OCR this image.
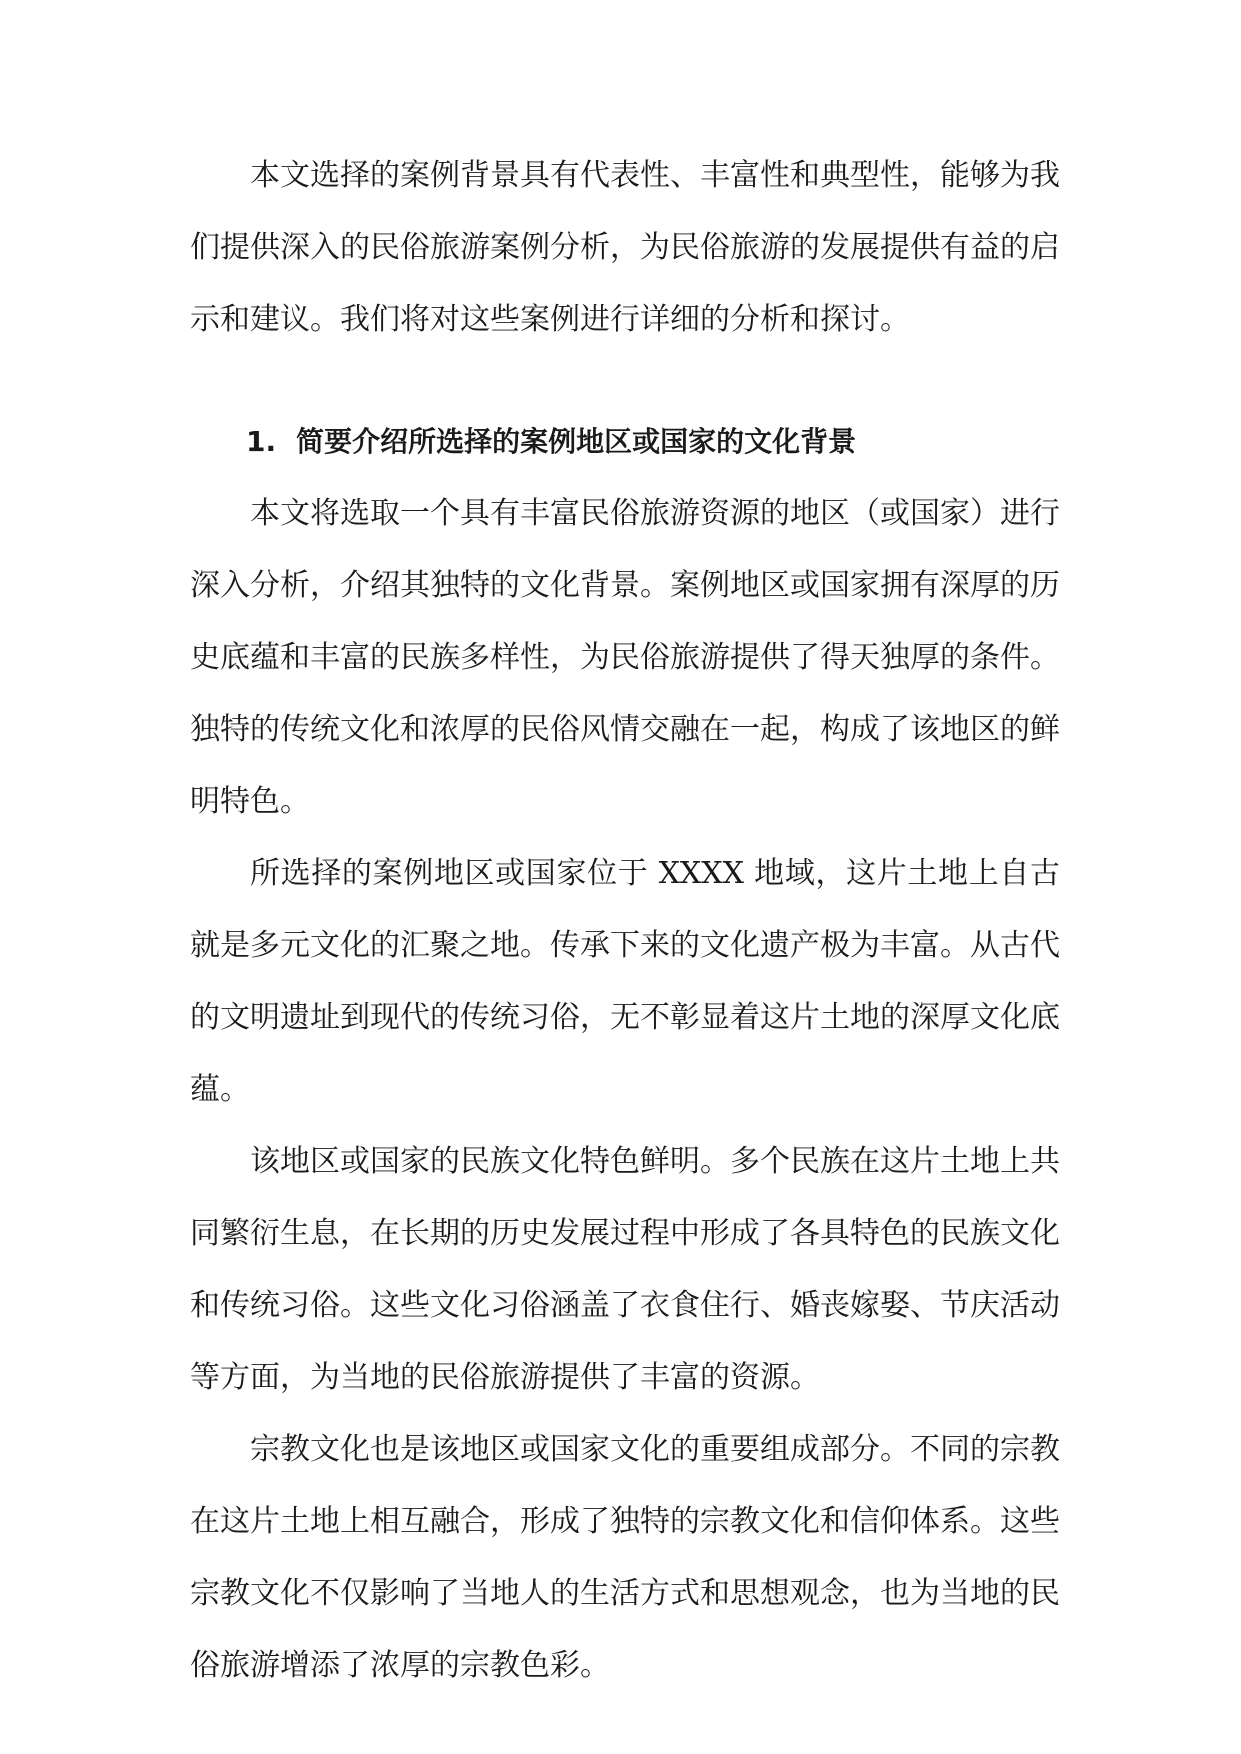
本文选择的案例背景具有代表性、丰富性和典型性，能够为我们提供深入的民俗旅游案例分析，为民俗旅游的发展提供有益的启示和建议。我们将对这些案例进行详细的分析和探讨。

1. 简要介绍所选择的案例地区或国家的文化背景

本文将选取一个具有丰富民俗旅游资源的地区（或国家）进行深入分析，介绍其独特的文化背景。案例地区或国家拥有深厚的历史底蕴和丰富的民族多样性，为民俗旅游提供了得天独厚的条件。独特的传统文化和浓厚的民俗风情交融在一起，构成了该地区的鲜明特色。

所选择的案例地区或国家位于 XXXX 地域，这片土地上自古就是多元文化的汇聚之地。传承下来的文化遗产极为丰富。从古代的文明遗址到现代的传统习俗，无不彰显着这片土地的深厚文化底蕴。

该地区或国家的民族文化特色鲜明。多个民族在这片土地上共同繁衍生息，在长期的历史发展过程中形成了各具特色的民族文化和传统习俗。这些文化习俗涵盖了衣食住行、婚丧嫁娶、节庆活动等方面，为当地的民俗旅游提供了丰富的资源。

宗教文化也是该地区或国家文化的重要组成部分。不同的宗教在这片土地上相互融合，形成了独特的宗教文化和信仰体系。这些宗教文化不仅影响了当地人的生活方式和思想观念，也为当地的民俗旅游增添了浓厚的宗教色彩。
